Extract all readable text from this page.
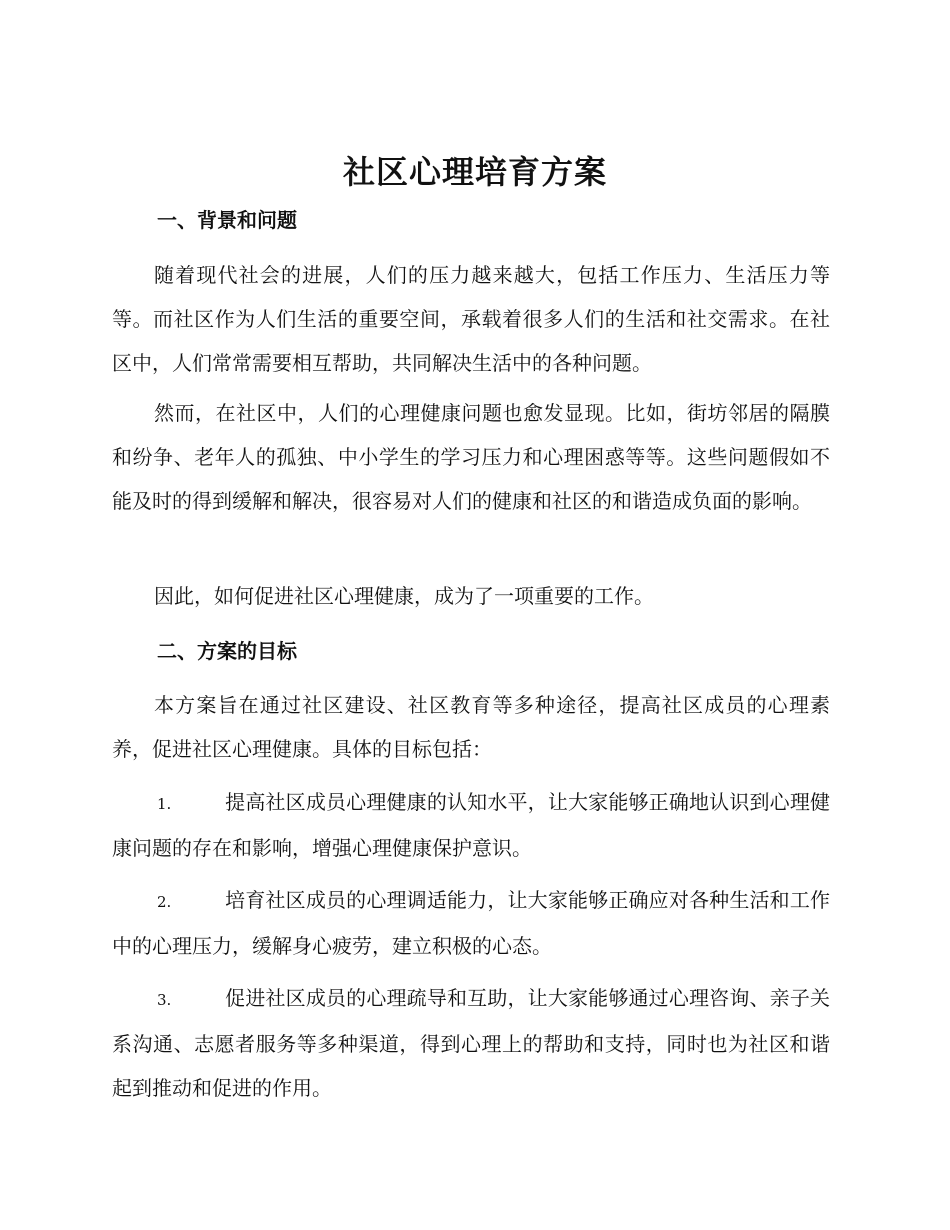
社区心理培育方案
一、背景和问题

随着现代社会的进展，人们的压力越来越大，包括工作压力、生活压力等等。而社区作为人们生活的重要空间，承载着很多人们的生活和社交需求。在社区中，人们常常需要相互帮助，共同解决生活中的各种问题。

然而，在社区中，人们的心理健康问题也愈发显现。比如，街坊邻居的隔膜和纷争、老年人的孤独、中小学生的学习压力和心理困惑等等。这些问题假如不能及时的得到缓解和解决，很容易对人们的健康和社区的和谐造成负面的影响。

因此，如何促进社区心理健康，成为了一项重要的工作。

二、方案的目标

本方案旨在通过社区建设、社区教育等多种途径，提高社区成员的心理素养，促进社区心理健康。具体的目标包括：

1.	提高社区成员心理健康的认知水平，让大家能够正确地认识到心理健康问题的存在和影响，增强心理健康保护意识。
2.	培育社区成员的心理调适能力，让大家能够正确应对各种生活和工作中的心理压力，缓解身心疲劳，建立积极的心态。
3.	促进社区成员的心理疏导和互助，让大家能够通过心理咨询、亲子关系沟通、志愿者服务等多种渠道，得到心理上的帮助和支持，同时也为社区和谐起到推动和促进的作用。
